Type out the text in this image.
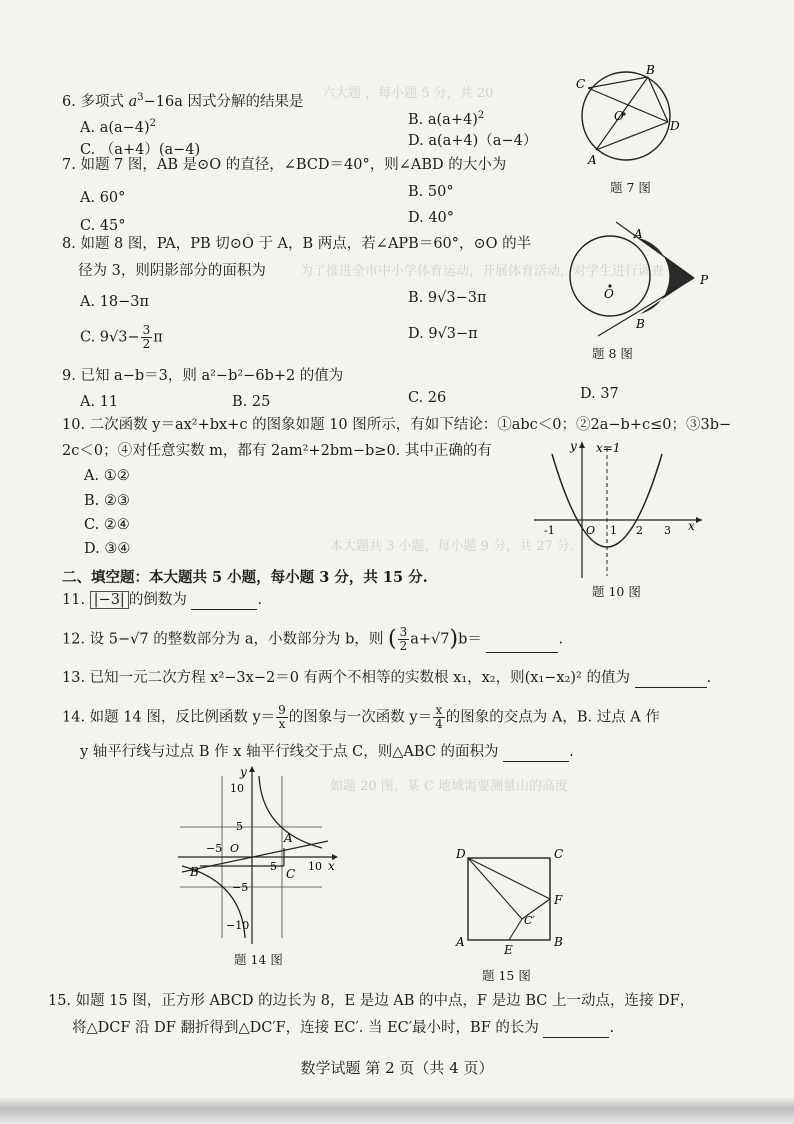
六大题 ，每小题 5 分，共 20
为了推进全市中小学体育运动，开展体育活动，对学生进行调查
本大题共 3 小题，每小题 9 分，共 27 分.
如题 20 图，某 C 地域需要测量山的高度
6. 多项式 $a^3-16a$ 因式分解的结果是
A. $a(a-4)^2$	B. $a(a+4)^2$
C. （a+4）(a−4)
D. a(a+4)（a−4）
7. 如题 7 图，AB 是⊙O 的直径，∠BCD＝40°，则∠ABD 的大小为
A. 60°	B. 50°
C. 45°	D. 40°
C
B
D
A
O
题 7 图
8. 如题 8 图，PA，PB 切⊙O 于 A，B 两点，若∠APB＝60°，⊙O 的半
径为 3，则阴影部分的面积为
A. 18−3π	B. 9√3−3π
C. $9√3- \frac{3}{2}$ π	D. 9√3−π
A
P
B
O
题 8 图
9. 已知 a−b＝3，则 a²−b²−6b+2 的值为
A. 11	B. 25	C. 26	D. 37
10. 二次函数 y＝ax²+bx+c 的图象如题 10 图所示，有如下结论：①abc＜0；②2a−b+c≤0；③3b−
2c＜0；④对任意实数 m，都有 2am²+2bm−b≥0. 其中正确的有
A. ①②
B. ②③
C. ②④
D. ③④
y x=1
x
-1	O 1 2 3
题 10 图
二、填空题：本大题共 5 小题，每小题 3 分，共 15 分.
11. |−3| 的倒数为	.
12. 设 5−√7 的整数部分为 a，小数部分为 b，则 ( $\frac{3}{2} a+√7)b=$	.
13. 已知一元二次方程 x²−3x−2＝0 有两个不相等的实数根 x₁，x₂，则(x₁−x₂)² 的值为	.
14. 如题 14 图，反比例函数 $y= \frac{9}{x}$ 的图象与一次函数 $y= \frac{x}{4}$ 的图象的交点为 A，B. 过点 A 作
y 轴平行线与过点 B 作 x 轴平行线交于点 C，则△ABC 的面积为	.
y
10
5
−5
−10
−5 O
5	10 x
A
B	C
题 14 图
D	C
F
C′
A
E
B
题 15 图
15. 如题 15 图，正方形 ABCD 的边长为 8，E 是边 AB 的中点，F 是边 BC 上一动点，连接 DF，
将△DCF 沿 DF 翻折得到△DC′F，连接 EC′. 当 EC′最小时，BF 的长为	.
数学试题 第 2 页（共 4 页）
